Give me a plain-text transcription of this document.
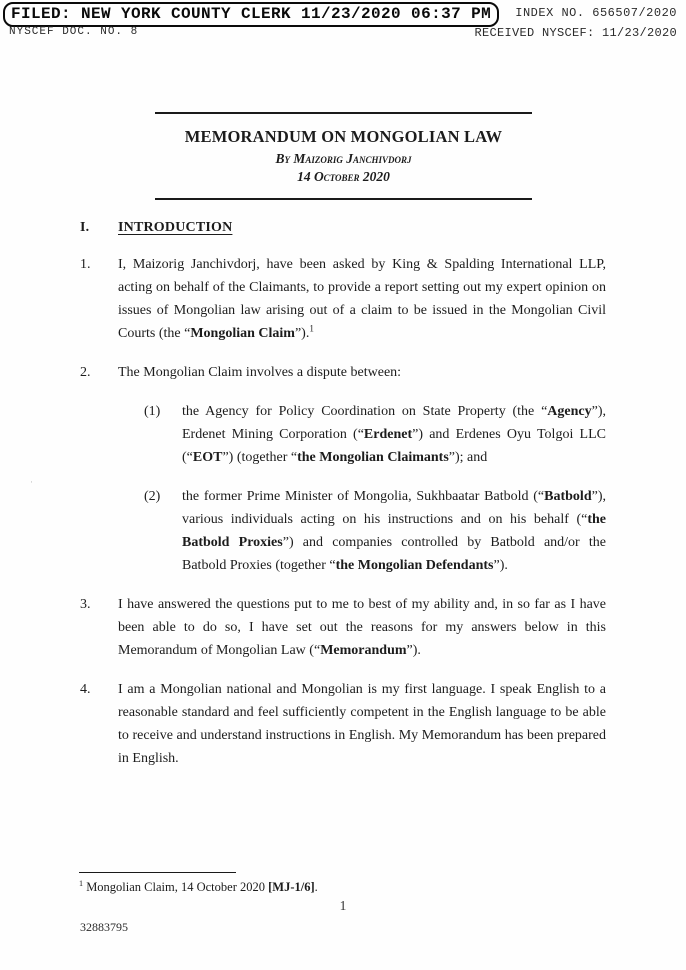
FILED: NEW YORK COUNTY CLERK 11/23/2020 06:37 PM
NYSCEF DOC. NO. 8
INDEX NO. 656507/2020
RECEIVED NYSCEF: 11/23/2020
MEMORANDUM ON MONGOLIAN LAW
By Maizorig Janchivdorj
14 October 2020
I.	INTRODUCTION
1.	I, Maizorig Janchivdorj, have been asked by King & Spalding International LLP, acting on behalf of the Claimants, to provide a report setting out my expert opinion on issues of Mongolian law arising out of a claim to be issued in the Mongolian Civil Courts (the “Mongolian Claim”).$^1$
2.	The Mongolian Claim involves a dispute between:
(1)	the Agency for Policy Coordination on State Property (the “Agency”), Erdenet Mining Corporation (“Erdenet”) and Erdenes Oyu Tolgoi LLC (“EOT”) (together “the Mongolian Claimants”); and
(2)	the former Prime Minister of Mongolia, Sukhbaatar Batbold (“Batbold”), various individuals acting on his instructions and on his behalf (“the Batbold Proxies”) and companies controlled by Batbold and/or the Batbold Proxies (together “the Mongolian Defendants”).
3.	I have answered the questions put to me to best of my ability and, in so far as I have been able to do so, I have set out the reasons for my answers below in this Memorandum of Mongolian Law (“Memorandum”).
4.	I am a Mongolian national and Mongolian is my first language. I speak English to a reasonable standard and feel sufficiently competent in the English language to be able to receive and understand instructions in English. My Memorandum has been prepared in English.
·
$^1$ Mongolian Claim, 14 October 2020 [MJ-1/6].
1
32883795
